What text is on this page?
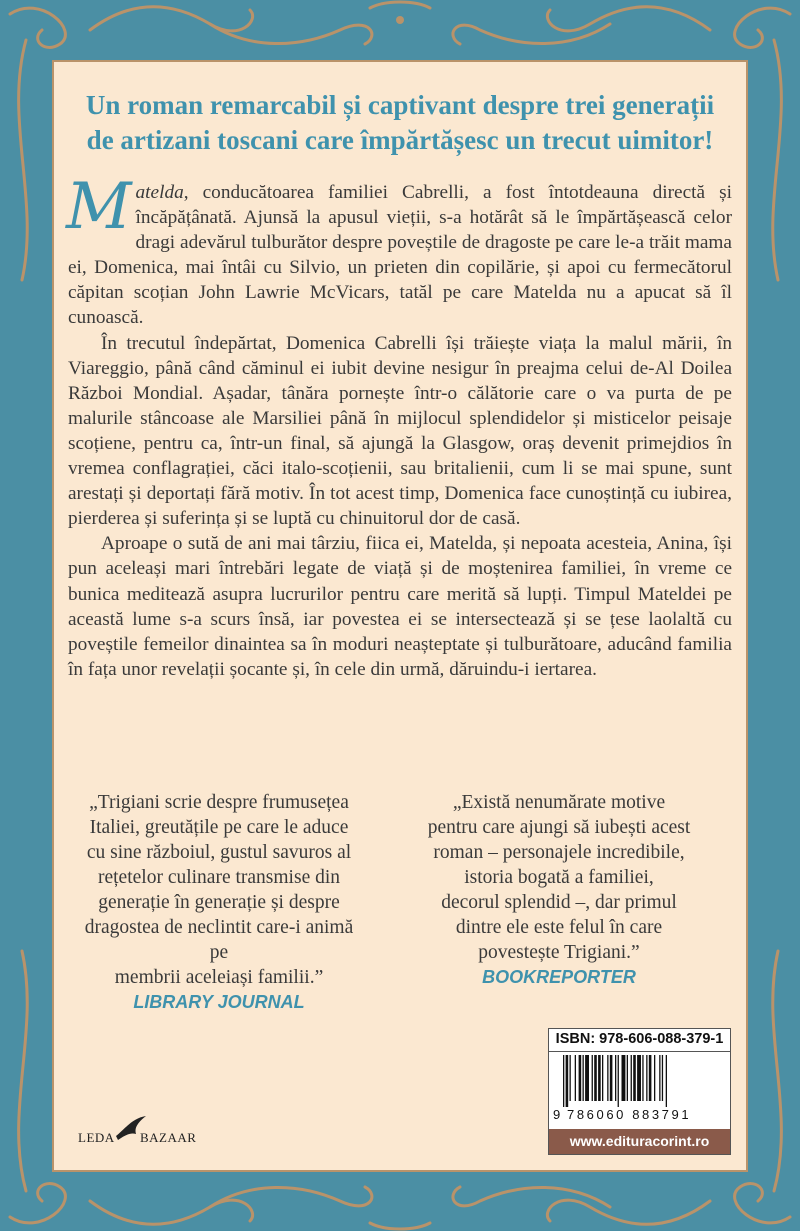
Un roman remarcabil și captivant despre trei generații
de artizani toscani care împărtășesc un trecut uimitor!

Matelda, conducătoarea familiei Cabrelli, a fost întotdeauna directă și încăpățânată. Ajunsă la apusul vieții, s-a hotărât să le împărtășească celor dragi adevărul tulburător despre poveștile de dragoste pe care le-a trăit mama ei, Domenica, mai întâi cu Silvio, un prieten din copilărie, și apoi cu fermecătorul căpitan scoțian John Lawrie McVicars, tatăl pe care Matelda nu a apucat să îl cunoască.

În trecutul îndepărtat, Domenica Cabrelli își trăiește viața la malul mării, în Viareggio, până când căminul ei iubit devine nesigur în preajma celui de-Al Doilea Război Mondial. Așadar, tânăra pornește într-o călătorie care o va purta de pe malurile stâncoase ale Marsiliei până în mijlocul splendidelor și misticelor peisaje scoțiene, pentru ca, într-un final, să ajungă la Glasgow, oraș devenit primejdios în vremea conflagrației, căci italo-scoțienii, sau britalienii, cum li se mai spune, sunt arestați și deportați fără motiv. În tot acest timp, Domenica face cunoștință cu iubirea, pierderea și suferința și se luptă cu chinuitorul dor de casă.

Aproape o sută de ani mai târziu, fiica ei, Matelda, și nepoata acesteia, Anina, își pun aceleași mari întrebări legate de viață și de moștenirea familiei, în vreme ce bunica meditează asupra lucrurilor pentru care merită să lupți. Timpul Mateldei pe această lume s-a scurs însă, iar povestea ei se intersectează și se țese laolaltă cu poveștile femeilor dinaintea sa în moduri neașteptate și tulburătoare, aducând familia în fața unor revelații șocante și, în cele din urmă, dăruindu-i iertarea.

„Trigiani scrie despre frumusețea
Italiei, greutățile pe care le aduce
cu sine războiul, gustul savuros al
rețetelor culinare transmise din
generație în generație și despre
dragostea de neclintit care-i animă pe
membrii aceleiași familii.”
LIBRARY JOURNAL
„Există nenumărate motive
pentru care ajungi să iubești acest
roman – personajele incredibile,
istoria bogată a familiei,
decorul splendid –, dar primul
dintre ele este felul în care
povestește Trigiani.”
BOOKREPORTER
LEDA BAZAAR
ISBN: 978-606-088-379-1
9 786060 883791
www.edituracorint.ro
